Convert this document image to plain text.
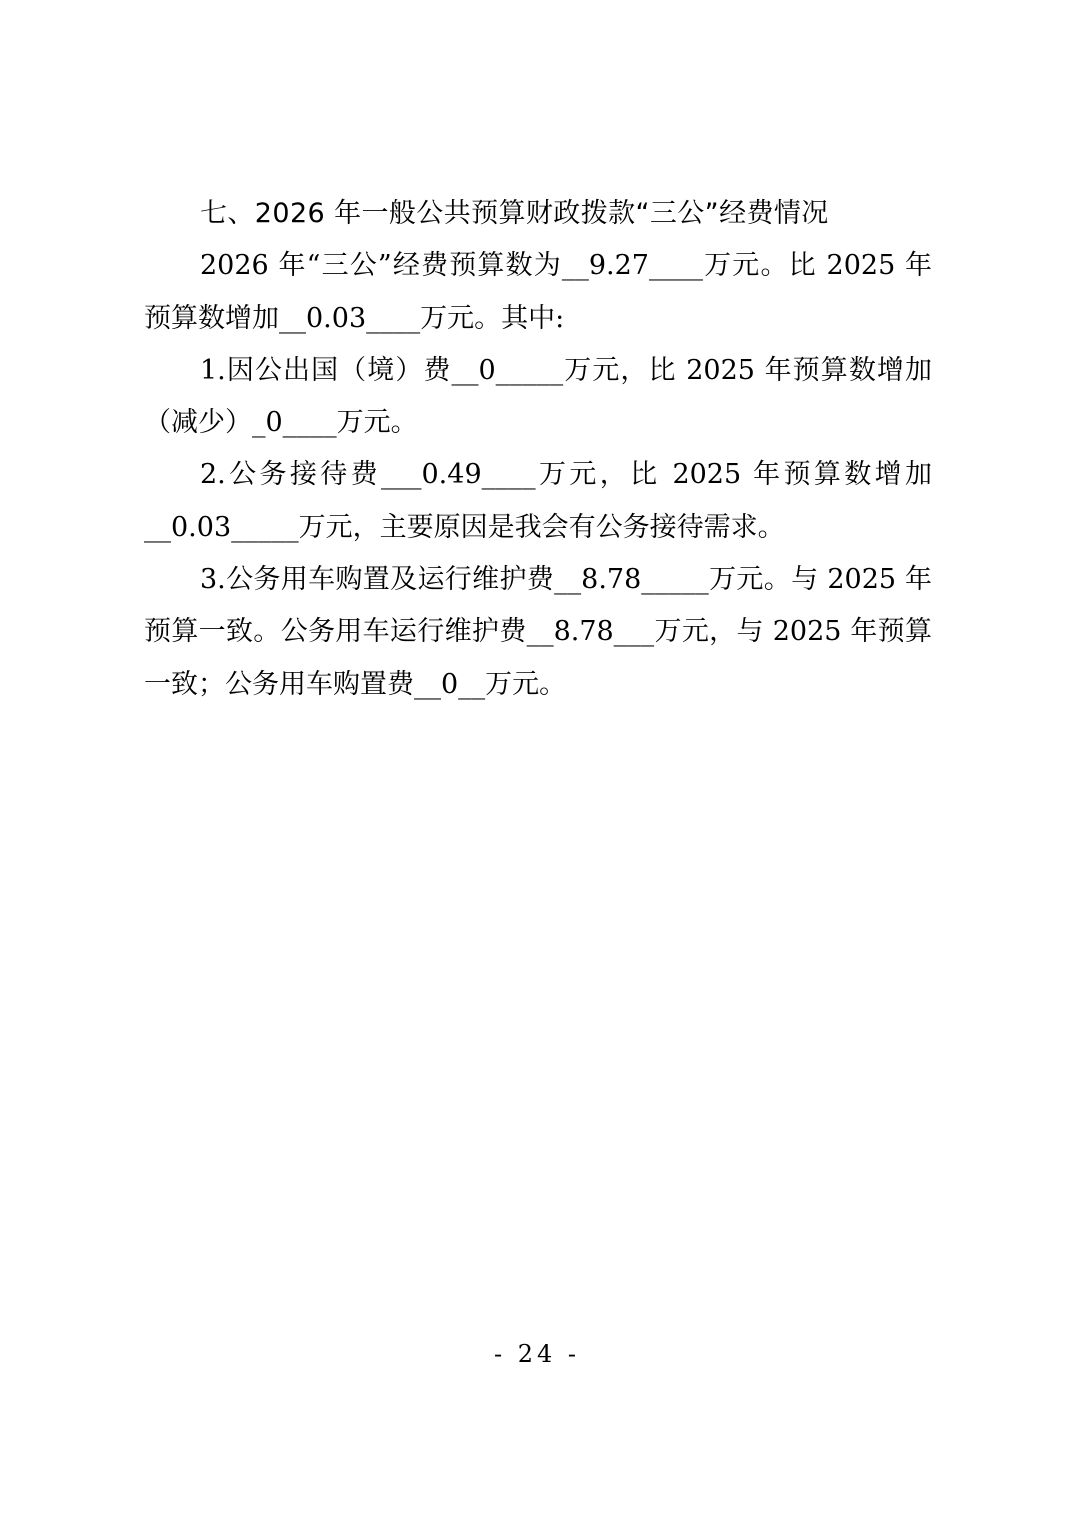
七、2026 年一般公共预算财政拨款“三公”经费情况

2026 年“三公”经费预算数为__9.27____万元。比 2025 年预算数增加__0.03____万元。其中:

1.因公出国（境）费__0_____万元，比 2025 年预算数增加（减少）_0____万元。

2.公务接待费___0.49____万元，比 2025 年预算数增加__0.03_____万元，主要原因是我会有公务接待需求。

3.公务用车购置及运行维护费__8.78_____万元。与 2025 年预算一致。公务用车运行维护费__8.78___万元，与 2025 年预算一致；公务用车购置费__0__万元。

- 24 -
